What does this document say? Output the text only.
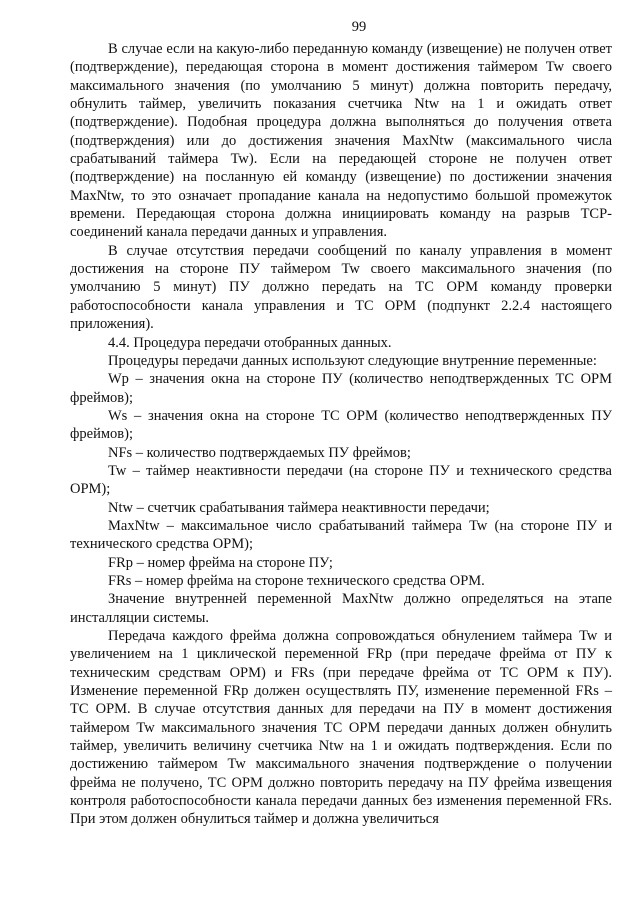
99

В случае если на какую-либо переданную команду (извещение) не получен ответ (подтверждение), передающая сторона в момент достижения таймером Tw своего максимального значения (по умолчанию 5 минут) должна повторить передачу, обнулить таймер, увеличить показания счетчика Ntw на 1 и ожидать ответ (подтверждение). Подобная процедура должна выполняться до получения ответа (подтверждения) или до достижения значения MaxNtw (максимального числа срабатываний таймера Tw). Если на передающей стороне не получен ответ (подтверждение) на посланную ей команду (извещение) по достижении значения MaxNtw, то это означает пропадание канала на недопустимо большой промежуток времени. Передающая сторона должна инициировать команду на разрыв TCP-соединений канала передачи данных и управления.

В случае отсутствия передачи сообщений по каналу управления в момент достижения на стороне ПУ таймером Tw своего максимального значения (по умолчанию 5 минут) ПУ должно передать на ТС ОРМ команду проверки работоспособности канала управления и ТС ОРМ (подпункт 2.2.4 настоящего приложения).

4.4. Процедура передачи отобранных данных.

Процедуры передачи данных используют следующие внутренние переменные:

Wp – значения окна на стороне ПУ (количество неподтвержденных ТС ОРМ фреймов);

Ws – значения окна на стороне ТС ОРМ (количество неподтвержденных ПУ фреймов);

NFs – количество подтверждаемых ПУ фреймов;

Tw – таймер неактивности передачи (на стороне ПУ и технического средства ОРМ);

Ntw – счетчик срабатывания таймера неактивности передачи;

MaxNtw – максимальное число срабатываний таймера Tw (на стороне ПУ и технического средства ОРМ);

FRp – номер фрейма на стороне ПУ;

FRs – номер фрейма на стороне технического средства ОРМ.

Значение внутренней переменной MaxNtw должно определяться на этапе инсталляции системы.

Передача каждого фрейма должна сопровождаться обнулением таймера Tw и увеличением на 1 циклической переменной FRp (при передаче фрейма от ПУ к техническим средствам ОРМ) и FRs (при передаче фрейма от ТС ОРМ к ПУ). Изменение переменной FRp должен осуществлять ПУ, изменение переменной FRs – ТС ОРМ. В случае отсутствия данных для передачи на ПУ в момент достижения таймером Tw максимального значения ТС ОРМ передачи данных должен обнулить таймер, увеличить величину счетчика Ntw на 1 и ожидать подтверждения. Если по достижению таймером Tw максимального значения подтверждение о получении фрейма не получено, ТС ОРМ должно повторить передачу на ПУ фрейма извещения контроля работоспособности канала передачи данных без изменения переменной FRs. При этом должен обнулиться таймер и должна увеличиться
